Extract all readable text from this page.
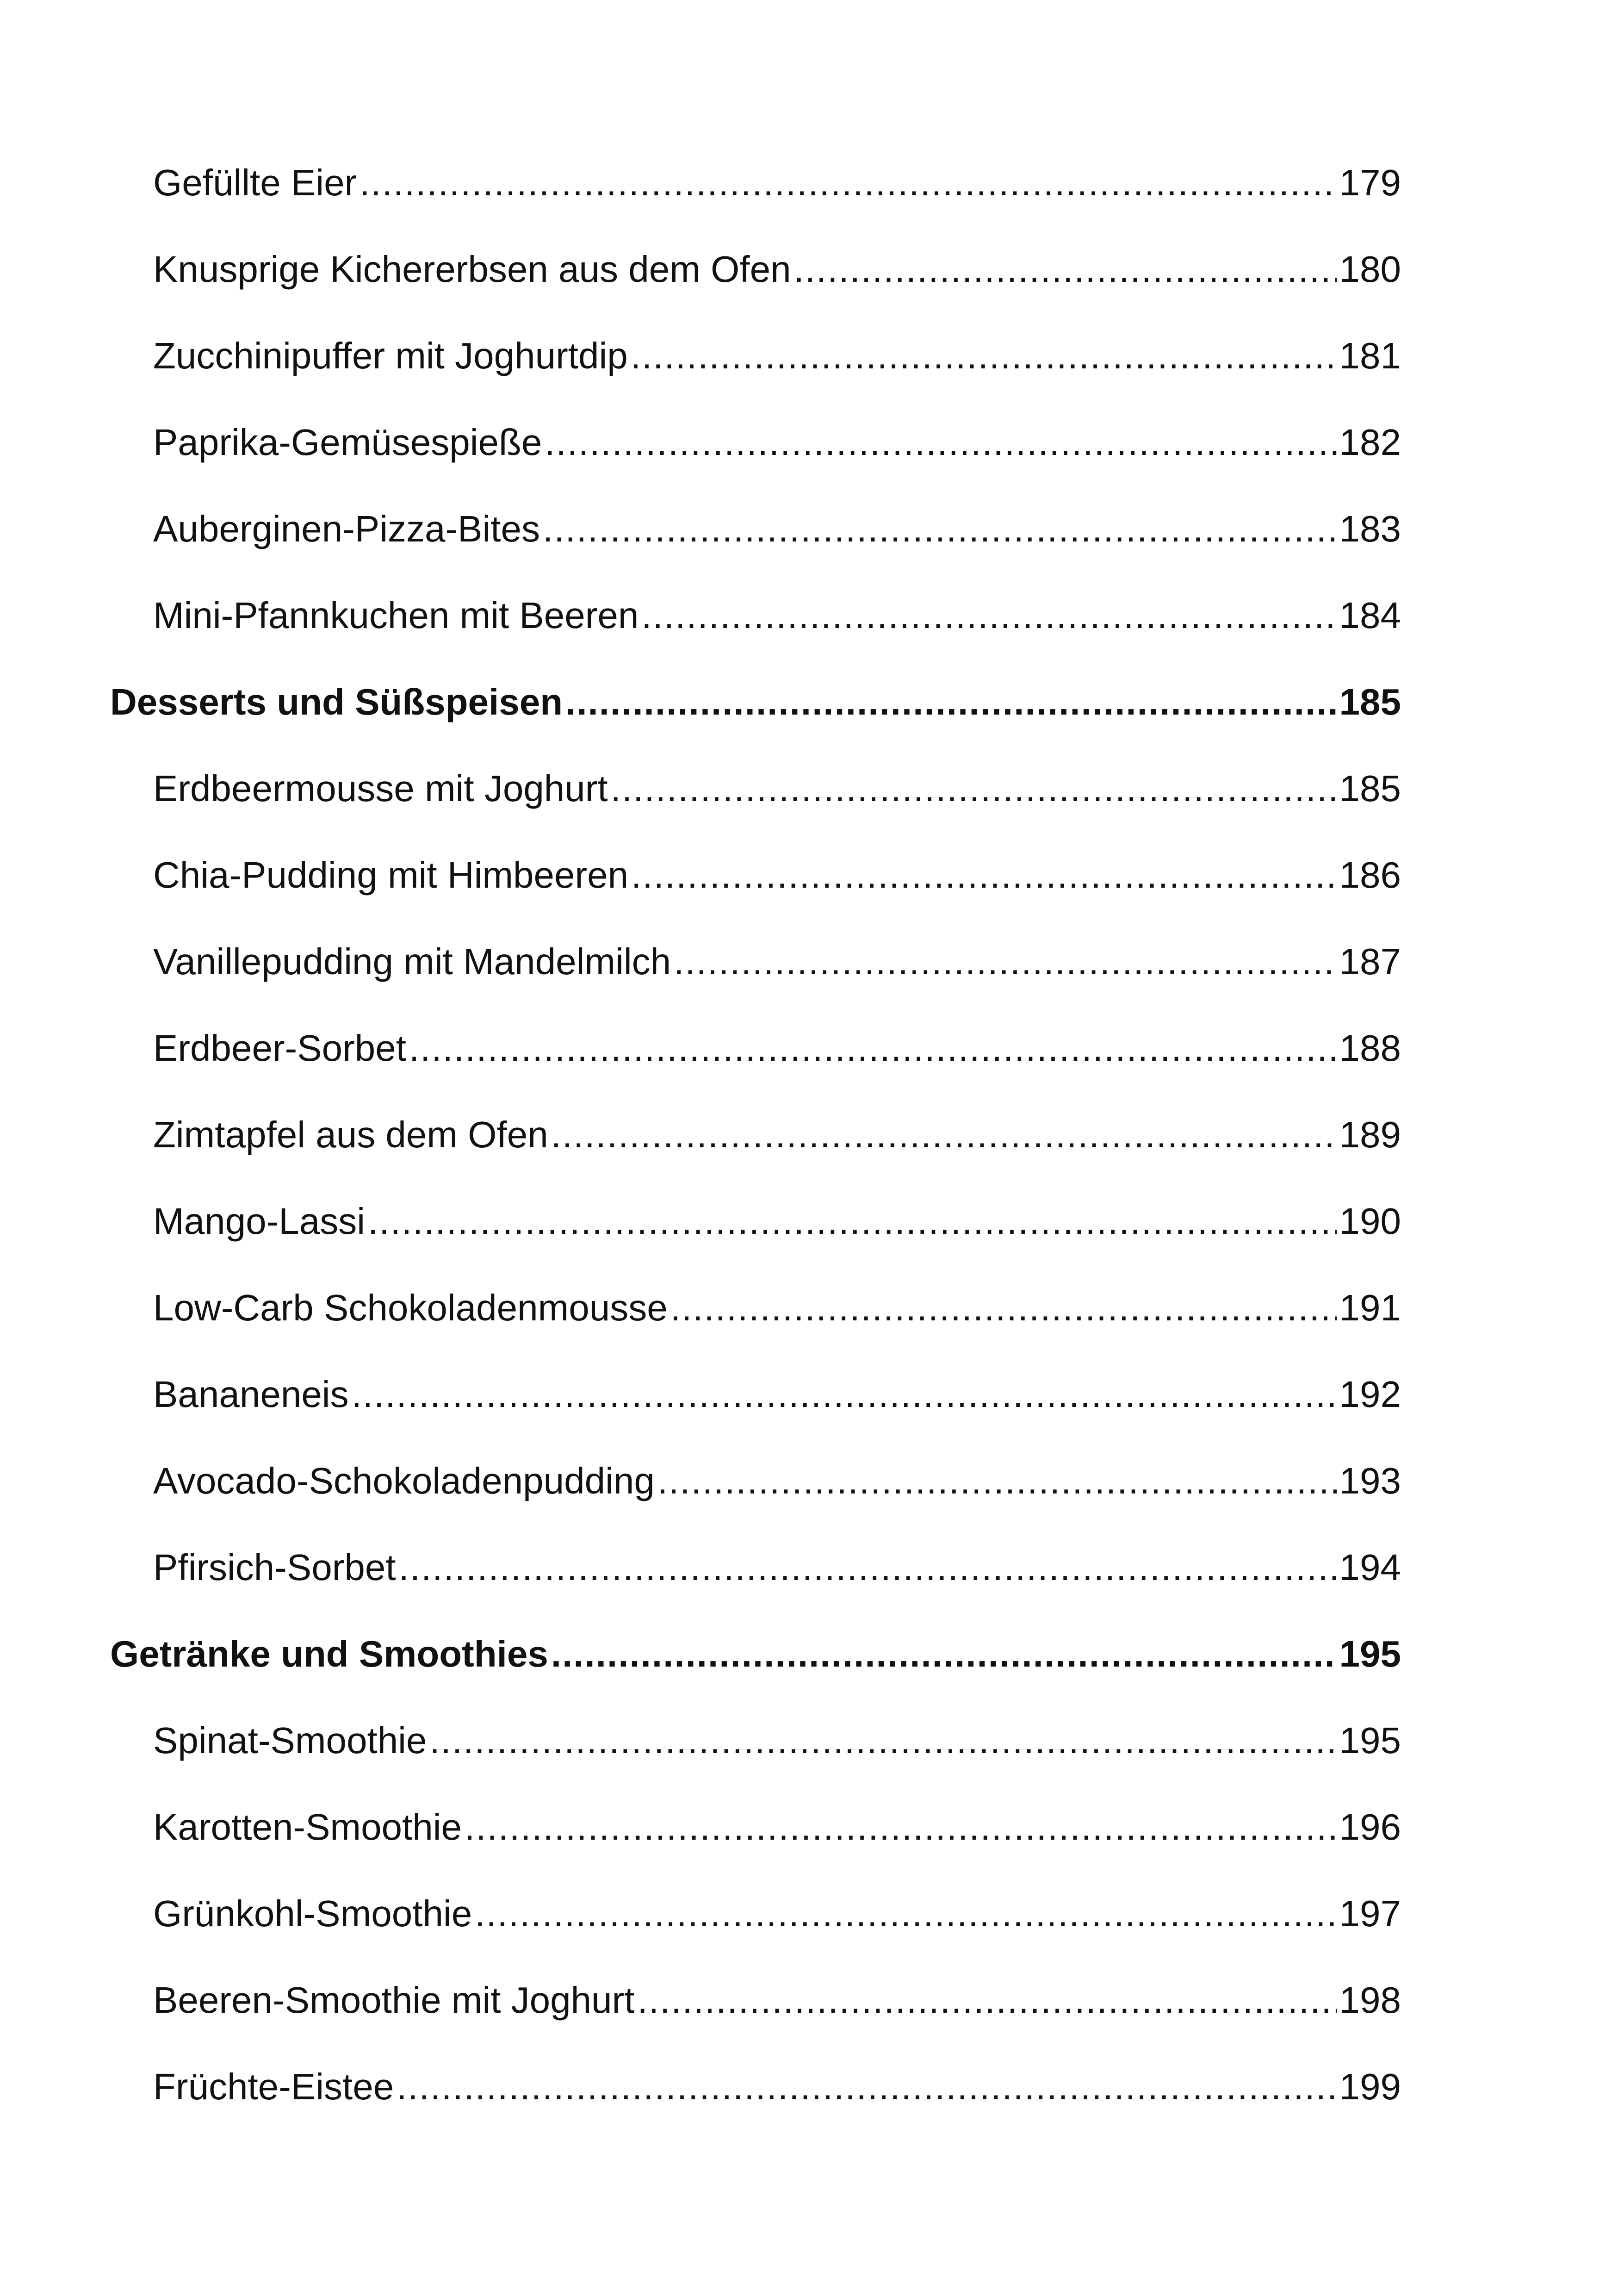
Gefüllte Eier .....	179
Knusprige Kichererbsen aus dem Ofen .....	180
Zucchinipuffer mit Joghurtdip .....	181
Paprika-Gemüsespieße .....	182
Auberginen-Pizza-Bites .....	183
Mini-Pfannkuchen mit Beeren .....	184
Desserts und Süßspeisen .....	185
Erdbeermousse mit Joghurt .....	185
Chia-Pudding mit Himbeeren .....	186
Vanillepudding mit Mandelmilch .....	187
Erdbeer-Sorbet .....	188
Zimtapfel aus dem Ofen .....	189
Mango-Lassi .....	190
Low-Carb Schokoladenmousse .....	191
Bananeneis .....	192
Avocado-Schokoladenpudding .....	193
Pfirsich-Sorbet .....	194
Getränke und Smoothies .....	195
Spinat-Smoothie .....	195
Karotten-Smoothie .....	196
Grünkohl-Smoothie .....	197
Beeren-Smoothie mit Joghurt .....	198
Früchte-Eistee .....	199
